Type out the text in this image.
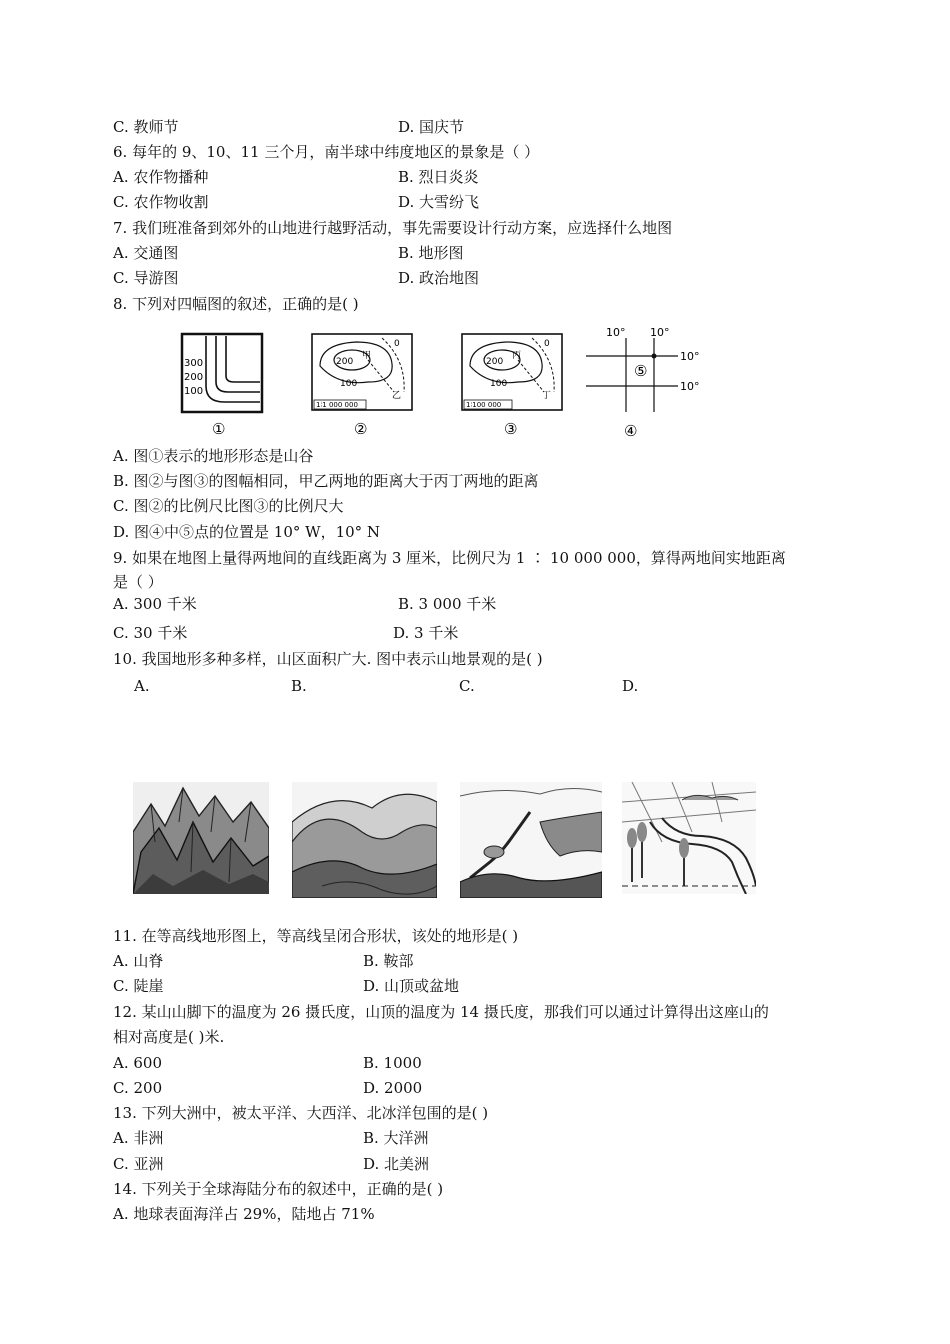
C. 教师节	D. 国庆节
6. 每年的 9、10、11 三个月，南半球中纬度地区的景象是（ ）
A. 农作物播种	B. 烈日炎炎
C. 农作物收割	D. 大雪纷飞
7. 我们班准备到郊外的山地进行越野活动，事先需要设计行动方案，应选择什么地图
A. 交通图	B. 地形图
C. 导游图	D. 政治地图
8. 下列对四幅图的叙述，正确的是( )
300
200
100
①
200
100
0
甲
乙
1∶1 000 000
②
200
100
0
丙
丁
1∶100 000
③
10° 10°
10°
10°
⑤
④
A. 图①表示的地形形态是山谷
B. 图②与图③的图幅相同，甲乙两地的距离大于丙丁两地的距离
C. 图②的比例尺比图③的比例尺大
D. 图④中⑤点的位置是 10° W，10° N
9. 如果在地图上量得两地间的直线距离为 3 厘米，比例尺为 1 ∶ 10 000 000，算得两地间实地距离
是（ ）
A. 300 千米	B. 3 000 千米
C. 30 千米	D. 3 千米
10. 我国地形多种多样，山区面积广大. 图中表示山地景观的是( )
A.	B.	C.	D.
11. 在等高线地形图上，等高线呈闭合形状，该处的地形是( )
A. 山脊	B. 鞍部
C. 陡崖	D. 山顶或盆地
12. 某山山脚下的温度为 26 摄氏度，山顶的温度为 14 摄氏度，那我们可以通过计算得出这座山的
相对高度是( )米.
A. 600	B. 1000
C. 200	D. 2000
13. 下列大洲中，被太平洋、大西洋、北冰洋包围的是( )
A. 非洲	B. 大洋洲
C. 亚洲	D. 北美洲
14. 下列关于全球海陆分布的叙述中，正确的是( )
A. 地球表面海洋占 29%，陆地占 71%
